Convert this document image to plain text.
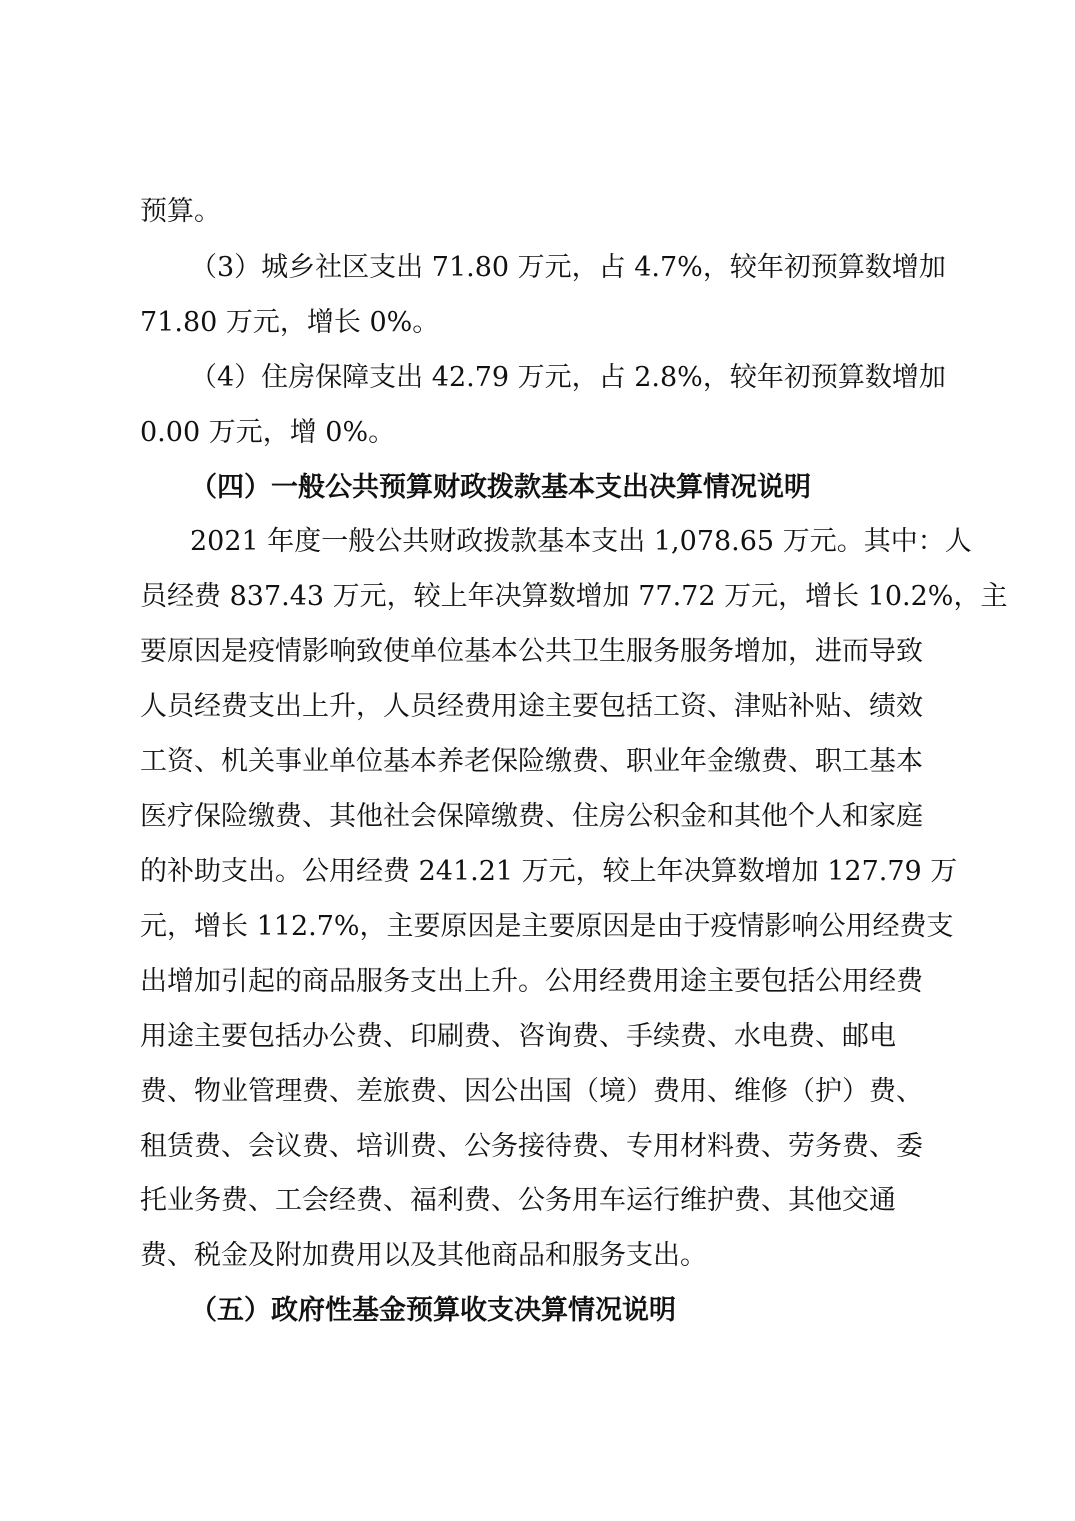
预算。
（3）城乡社区支出 71.80 万元，占 4.7%，较年初预算数增加
71.80 万元，增长 0%。
（4）住房保障支出 42.79 万元，占 2.8%，较年初预算数增加
0.00 万元，增 0%。
（四）一般公共预算财政拨款基本支出决算情况说明
2021 年度一般公共财政拨款基本支出 1,078.65 万元。其中：人
员经费 837.43 万元，较上年决算数增加 77.72 万元，增长 10.2%，主
要原因是疫情影响致使单位基本公共卫生服务服务增加，进而导致
人员经费支出上升，人员经费用途主要包括工资、津贴补贴、绩效
工资、机关事业单位基本养老保险缴费、职业年金缴费、职工基本
医疗保险缴费、其他社会保障缴费、住房公积金和其他个人和家庭
的补助支出。公用经费 241.21 万元，较上年决算数增加 127.79 万
元，增长 112.7%，主要原因是主要原因是由于疫情影响公用经费支
出增加引起的商品服务支出上升。公用经费用途主要包括公用经费
用途主要包括办公费、印刷费、咨询费、手续费、水电费、邮电
费、物业管理费、差旅费、因公出国（境）费用、维修（护）费、
租赁费、会议费、培训费、公务接待费、专用材料费、劳务费、委
托业务费、工会经费、福利费、公务用车运行维护费、其他交通
费、税金及附加费用以及其他商品和服务支出。
（五）政府性基金预算收支决算情况说明
